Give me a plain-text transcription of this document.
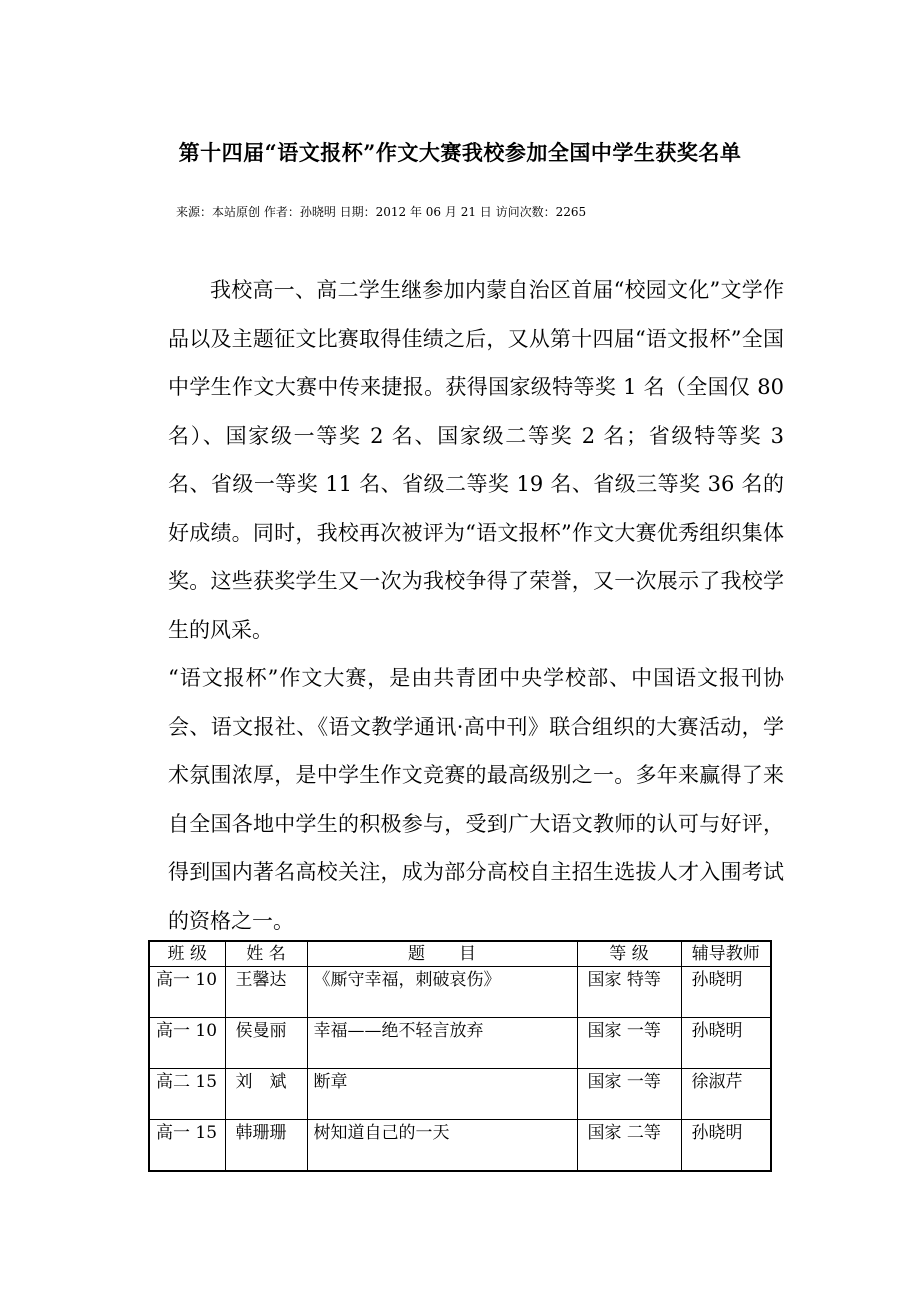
第十四届“语文报杯”作文大赛我校参加全国中学生获奖名单
来源：本站原创 作者：孙晓明 日期：2012 年 06 月 21 日 访问次数：2265

我校高一、高二学生继参加内蒙自治区首届“校园文化”文学作品以及主题征文比赛取得佳绩之后，又从第十四届“语文报杯”全国中学生作文大赛中传来捷报。获得国家级特等奖 1 名（全国仅 80 名）、国家级一等奖 2 名、国家级二等奖 2 名；省级特等奖 3　名、省级一等奖 11 名、省级二等奖 19 名、省级三等奖 36 名的好成绩。同时，我校再次被评为“语文报杯”作文大赛优秀组织集体奖。这些获奖学生又一次为我校争得了荣誉，又一次展示了我校学生的风采。

“语文报杯”作文大赛，是由共青团中央学校部、中国语文报刊协会、语文报社、《语文教学通讯·高中刊》联合组织的大赛活动，学术氛围浓厚，是中学生作文竞赛的最高级别之一。多年来赢得了来自全国各地中学生的积极参与，受到广大语文教师的认可与好评，得到国内著名高校关注，成为部分高校自主招生选拔人才入围考试的资格之一。

班 级	姓 名	题　　目	等 级	辅导教师
高一 10	王馨达	《厮守幸福，刺破哀伤》	国家 特等	孙晓明
高一 10	侯曼丽	幸福——绝不轻言放弃	国家 一等	孙晓明
高二 15	刘　斌	断章	国家 一等	徐淑芹
高一 15	韩珊珊	树知道自己的一天	国家 二等	孙晓明
